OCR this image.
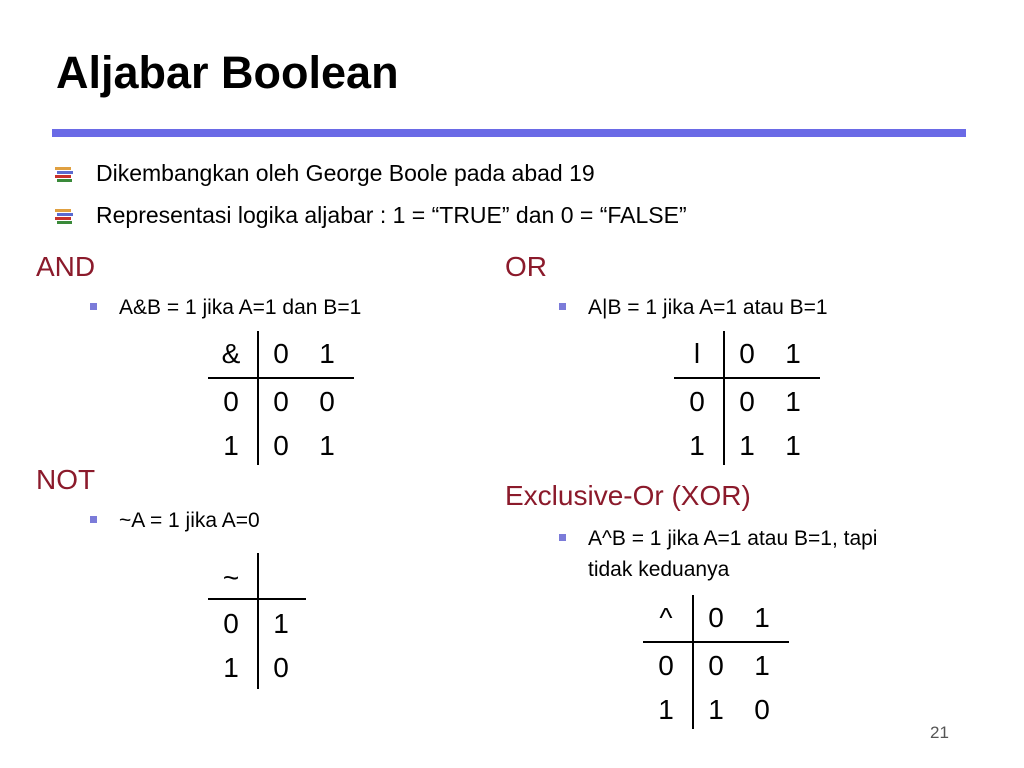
Aljabar Boolean
Dikembangkan oleh George Boole pada abad 19
Representasi logika aljabar : 1 = “TRUE” dan 0 = “FALSE”
AND
A&B = 1 jika A=1 dan B=1
&	0	1
0	0	0
1	0	1
OR
A|B = 1 jika A=1 atau B=1
l	0	1
0	0	1
1	1	1
NOT
~A = 1 jika A=0
~
0	1
1	0
Exclusive-Or (XOR)
A^B = 1 jika A=1 atau B=1, tapi
tidak keduanya
^	0	1
0	0	1
1	1	0
21
